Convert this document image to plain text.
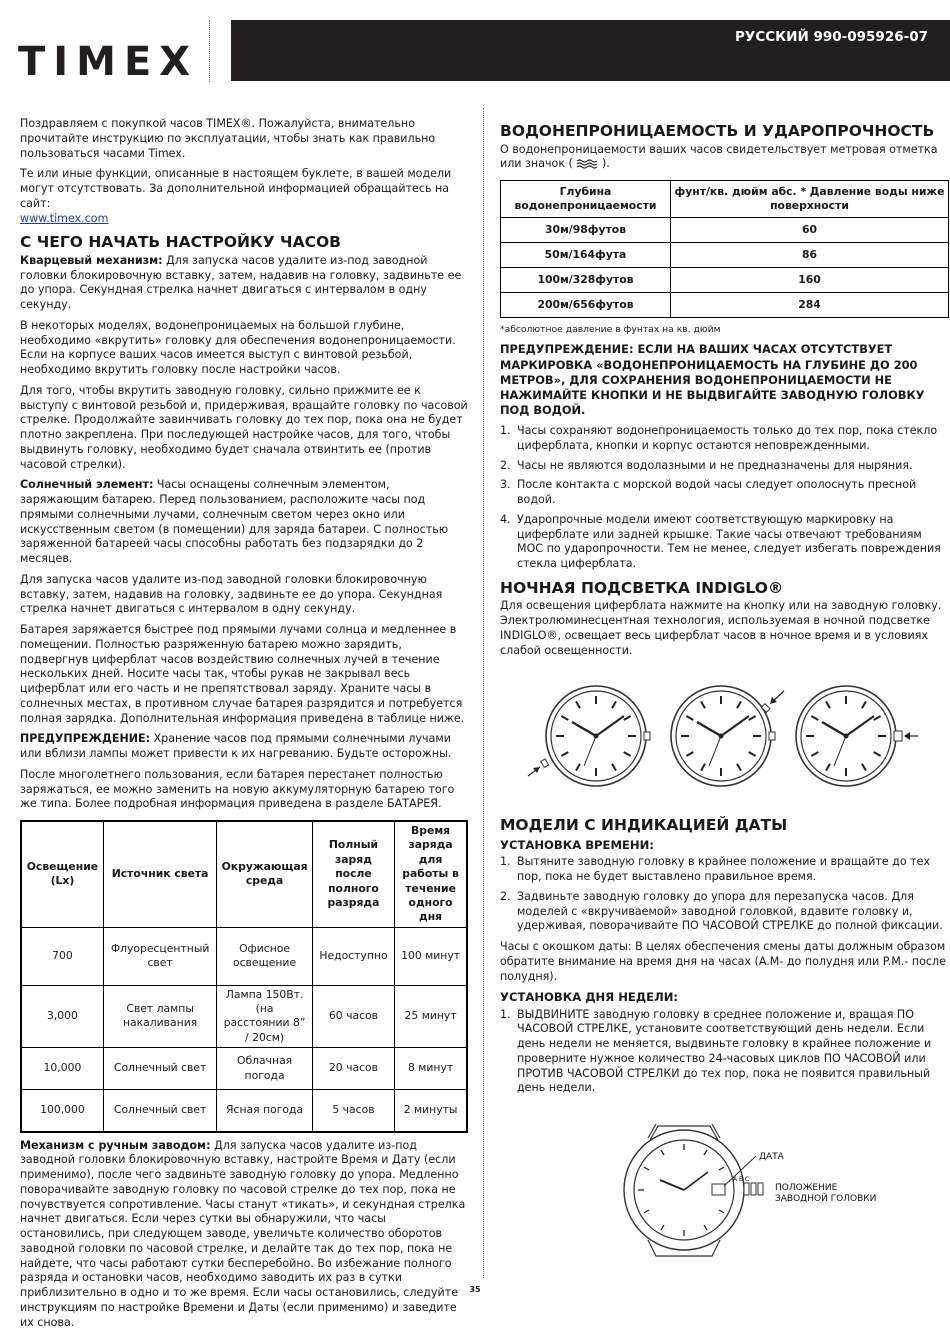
TIMEX
РУССКИЙ 990-095926-07

Поздравляем с покупкой часов TIMEX®. Пожалуйста, внимательно прочитайте инструкцию по эксплуатации, чтобы знать как правильно пользоваться часами Timex.

Те или иные функции, описанные в настоящем буклете, в вашей модели могут отсутствовать. За дополнительной информацией обращайтесь на сайт:
www.timex.com

С ЧЕГО НАЧАТЬ НАСТРОЙКУ ЧАСОВ

Кварцевый механизм: Для запуска часов удалите из-под заводной головки блокировочную вставку, затем, надавив на головку, задвиньте ее до упора. Секундная стрелка начнет двигаться с интервалом в одну секунду.

В некоторых моделях, водонепроницаемых на большой глубине, необходимо «вкрутить» головку для обеспечения водонепроницаемости. Если на корпусе ваших часов имеется выступ с винтовой резьбой, необходимо вкрутить головку после настройки часов.

Для того, чтобы вкрутить заводную головку, сильно прижмите ее к выступу с винтовой резьбой и, придерживая, вращайте головку по часовой стрелке. Продолжайте завинчивать головку до тех пор, пока она не будет плотно закреплена. При последующей настройке часов, для того, чтобы выдвинуть головку, необходимо будет сначала отвинтить ее (против часовой стрелки).

Солнечный элемент: Часы оснащены солнечным элементом, заряжающим батарею. Перед пользованием, расположите часы под прямыми солнечными лучами, солнечным светом через окно или искусственным светом (в помещении) для заряда батареи. С полностью заряженной батареей часы способны работать без подзарядки до 2 месяцев.

Для запуска часов удалите из-под заводной головки блокировочную вставку, затем, надавив на головку, задвиньте ее до упора. Секундная стрелка начнет двигаться с интервалом в одну секунду.

Батарея заряжается быстрее под прямыми лучами солнца и медленнее в помещении. Полностью разряженную батарею можно зарядить, подвергнув циферблат часов воздействию солнечных лучей в течение нескольких дней. Носите часы так, чтобы рукав не закрывал весь циферблат или его часть и не препятствовал заряду. Храните часы в солнечных местах, в противном случае батарея разрядится и потребуется полная зарядка. Дополнительная информация приведена в таблице ниже.

ПРЕДУПРЕЖДЕНИЕ: Хранение часов под прямыми солнечными лучами или вблизи лампы может привести к их нагреванию. Будьте осторожны.

После многолетнего пользования, если батарея перестанет полностью заряжаться, ее можно заменить на новую аккумуляторную батарею того же типа. Более подробная информация приведена в разделе БАТАРЕЯ.

Освещение (Lx)	Источник света	Окружающая среда	Полный заряд после полного разряда	Время заряда для работы в течение одного дня
700	Флуоресцентный свет	Офисное освещение	Недоступно	100 минут
3,000	Свет лампы накаливания	Лампа 150Вт. (на расстоянии 8” / 20см)	60 часов	25 минут
10,000	Солнечный свет	Облачная погода	20 часов	8 минут
100,000	Солнечный свет	Ясная погода	5 часов	2 минуты

Механизм с ручным заводом: Для запуска часов удалите из-под заводной головки блокировочную вставку, настройте Время и Дату (если применимо), после чего задвиньте заводную головку до упора. Медленно поворачивайте заводную головку по часовой стрелке до тех пор, пока не почувствуется сопротивление. Часы станут «тикать», и секундная стрелка начнет двигаться. Если через сутки вы обнаружили, что часы остановились, при следующем заводе, увеличьте количество оборотов заводной головки по часовой стрелке, и делайте так до тех пор, пока не найдете, что часы работают сутки бесперебойно. Во избежание полного разряда и остановки часов, необходимо заводить их раз в сутки приблизительно в одно и то же время. Если часы остановились, следуйте инструкциям по настройке Времени и Даты (если применимо) и заведите их снова.

ВОДОНЕПРОНИЦАЕМОСТЬ И УДАРОПРОЧНОСТЬ

О водонепроницаемости ваших часов свидетельствует метровая отметка или значок (	).

Глубина водонепроницаемости	фунт/кв. дюйм абс. * Давление воды ниже поверхности
30м/98футов	60
50м/164фута	86
100м/328футов	160
200м/656футов	284

*абсолютное давление в фунтах на кв. дюйм

ПРЕДУПРЕЖДЕНИЕ: ЕСЛИ НА ВАШИХ ЧАСАХ ОТСУТСТВУЕТ МАРКИРОВКА «ВОДОНЕПРОНИЦАЕМОСТЬ НА ГЛУБИНЕ ДО 200 МЕТРОВ», ДЛЯ СОХРАНЕНИЯ ВОДОНЕПРОНИЦАЕМОСТИ НЕ НАЖИМАЙТЕ КНОПКИ И НЕ ВЫДВИГАЙТЕ ЗАВОДНУЮ ГОЛОВКУ ПОД ВОДОЙ.

1. Часы сохраняют водонепроницаемость только до тех пор, пока стекло циферблата, кнопки и корпус остаются неповрежденными.
2. Часы не являются водолазными и не предназначены для ныряния.
3. После контакта с морской водой часы следует ополоснуть пресной водой.
4. Ударопрочные модели имеют соответствующую маркировку на циферблате или задней крышке. Такие часы отвечают требованиям MOC по ударопрочности. Тем не менее, следует избегать повреждения стекла циферблата.
НОЧНАЯ ПОДСВЕТКА INDIGLO®

Для освещения циферблата нажмите на кнопку или на заводную головку. Электролюминесцентная технология, используемая в ночной подсветке INDIGLO®, освещает весь циферблат часов в ночное время и в условиях слабой освещенности.

МОДЕЛИ С ИНДИКАЦИЕЙ ДАТЫ
УСТАНОВКА ВРЕМЕНИ:
1. Вытяните заводную головку в крайнее положение и вращайте до тех пор, пока не будет выставлено правильное время.
2. Задвиньте заводную головку до упора для перезапуска часов. Для моделей с «вкручиваемой» заводной головкой, вдавите головку и, удерживая, поворачивайте ПО ЧАСОВОЙ СТРЕЛКЕ до полной фиксации.

Часы с окошком даты: В целях обеспечения смены даты должным образом обратите внимание на время дня на часах (A.M- до полудня или P.M.- после полудня).

УСТАНОВКА ДНЯ НЕДЕЛИ:
1. ВЫДВИНИТЕ заводную головку в среднее положение и, вращая ПО ЧАСОВОЙ СТРЕЛКЕ, установите соответствующий день недели. Если день недели не меняется, выдвиньте головку в крайнее положение и проверните нужное количество 24-часовых циклов ПО ЧАСОВОЙ или ПРОТИВ ЧАСОВОЙ СТРЕЛКИ до тех пор, пока не появится правильный день недели.
ДАТА
A B C
ПОЛОЖЕНИЕ
ЗАВОДНОЙ ГОЛОВКИ
35
